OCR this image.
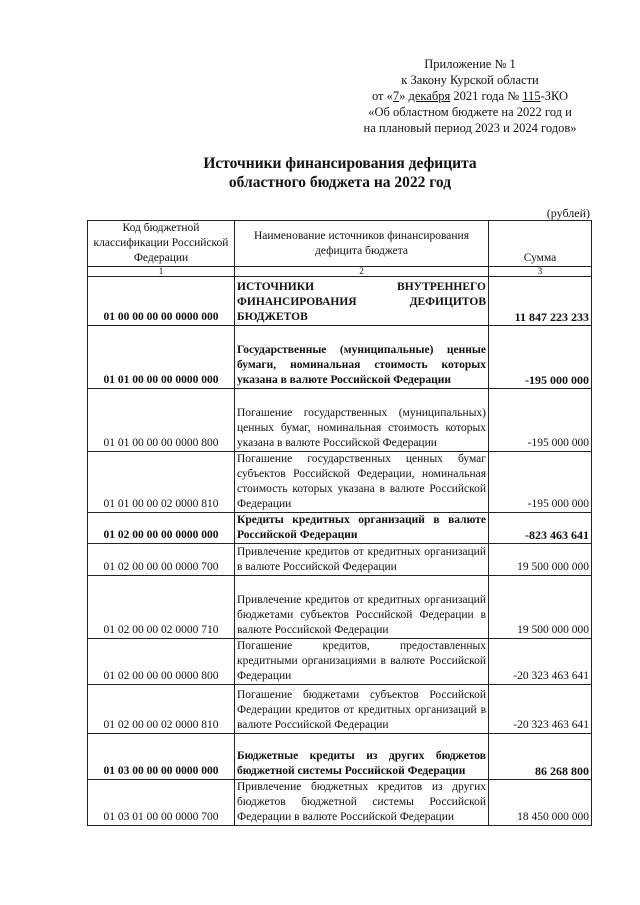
Приложение № 1
к Закону Курской области
от «7» декабря 2021 года № 115-ЗКО
«Об областном бюджете на 2022 год и
на плановый период 2023 и 2024 годов»
Источники финансирования дефицита
областного бюджета на 2022 год
(рублей)
Код бюджетной классификации Российской Федерации	Наименование источников финансирования дефицита бюджета	Сумма
1	2	3
01 00 00 00 00 0000 000	ИСТОЧНИКИ ВНУТРЕННЕГО ФИНАНСИРОВАНИЯ ДЕФИЦИТОВ БЮДЖЕТОВ	11 847 223 233
01 01 00 00 00 0000 000	Государственные (муниципальные) ценные бумаги, номинальная стоимость которых указана в валюте Российской Федерации	-195 000 000
01 01 00 00 00 0000 800	Погашение государственных (муниципальных) ценных бумаг, номинальная стоимость которых указана в валюте Российской Федерации	-195 000 000
01 01 00 00 02 0000 810	Погашение государственных ценных бумаг субъектов Российской Федерации, номинальная стоимость которых указана в валюте Российской Федерации	-195 000 000
01 02 00 00 00 0000 000	Кредиты кредитных организаций в валюте Российской Федерации	-823 463 641
01 02 00 00 00 0000 700	Привлечение кредитов от кредитных организаций в валюте Российской Федерации	19 500 000 000
01 02 00 00 02 0000 710	Привлечение кредитов от кредитных организаций бюджетами субъектов Российской Федерации в валюте Российской Федерации	19 500 000 000
01 02 00 00 00 0000 800	Погашение кредитов, предоставленных кредитными организациями в валюте Российской Федерации	-20 323 463 641
01 02 00 00 02 0000 810	Погашение бюджетами субъектов Российской Федерации кредитов от кредитных организаций в валюте Российской Федерации	-20 323 463 641
01 03 00 00 00 0000 000	Бюджетные кредиты из других бюджетов бюджетной системы Российской Федерации	86 268 800
01 03 01 00 00 0000 700	Привлечение бюджетных кредитов из других бюджетов бюджетной системы Российской Федерации в валюте Российской Федерации	18 450 000 000
